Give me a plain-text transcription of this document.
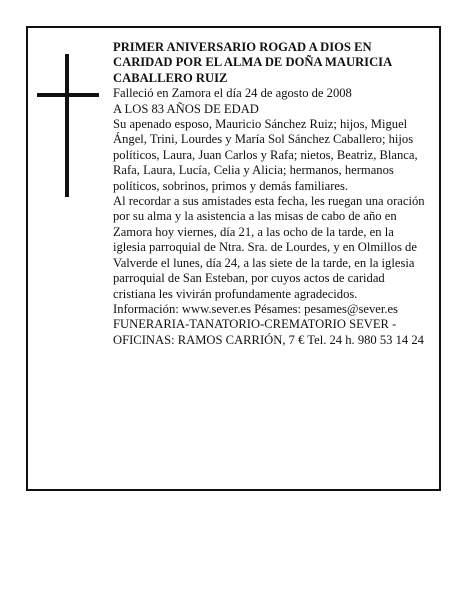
PRIMER ANIVERSARIO ROGAD A DIOS EN CARIDAD POR EL ALMA DE DOÑA MAURICIA CABALLERO RUIZ

Falleció en Zamora el día 24 de agosto de 2008

A LOS 83 AÑOS DE EDAD

Su apenado esposo, Mauricio Sánchez Ruiz; hijos, Miguel Ángel, Trini, Lourdes y María Sol Sánchez Caballero; hijos políticos, Laura, Juan Carlos y Rafa; nietos, Beatriz, Blanca, Rafa, Laura, Lucía, Celia y Alicia; hermanos, hermanos políticos, sobrinos, primos y demás familiares.

Al recordar a sus amistades esta fecha, les ruegan una oración por su alma y la asistencia a las misas de cabo de año en Zamora hoy viernes, día 21, a las ocho de la tarde, en la iglesia parroquial de Ntra. Sra. de Lourdes, y en Olmillos de Valverde el lunes, día 24, a las siete de la tarde, en la iglesia parroquial de San Esteban, por cuyos actos de caridad cristiana les vivirán profundamente agradecidos.

Información: www.sever.es Pésames: pesames@sever.es

FUNERARIA-TANATORIO-CREMATORIO SEVER - OFICINAS: RAMOS CARRIÓN, 7 € Tel. 24 h. 980 53 14 24
